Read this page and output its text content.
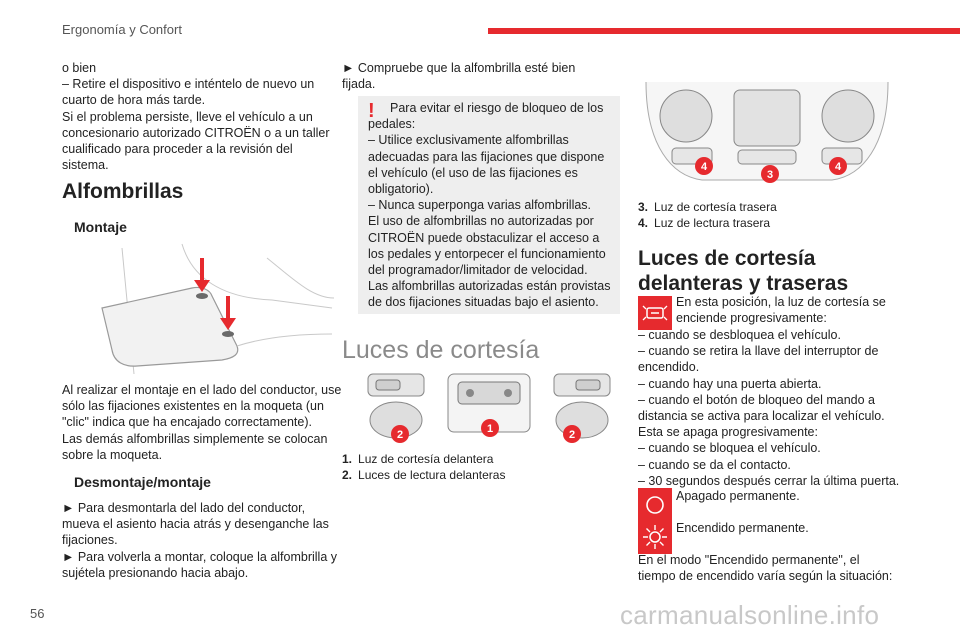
Ergonomía y Confort

o bien
– Retire el dispositivo e inténtelo de nuevo un cuarto de hora más tarde.
Si el problema persiste, lleve el vehículo a un concesionario autorizado CITROËN o a un taller cualificado para proceder a la revisión del sistema.

Alfombrillas
Montaje

Al realizar el montaje en el lado del conductor, use sólo las fijaciones existentes en la moqueta (un "clic" indica que ha encajado correctamente).
Las demás alfombrillas simplemente se colocan sobre la moqueta.

Desmontaje/montaje

► Para desmontarla del lado del conductor, mueva el asiento hacia atrás y desenganche las fijaciones.
► Para volverla a montar, coloque la alfombrilla y sujétela presionando hacia abajo.

► Compruebe que la alfombrilla esté bien fijada.

!	Para evitar el riesgo de bloqueo de los pedales:
– Utilice exclusivamente alfombrillas adecuadas para las fijaciones que dispone el vehículo (el uso de las fijaciones es obligatorio).
– Nunca superponga varias alfombrillas.
El uso de alfombrillas no autorizadas por CITROËN puede obstaculizar el acceso a los pedales y entorpecer el funcionamiento del programador/limitador de velocidad.
Las alfombrillas autorizadas están provistas de dos fijaciones situadas bajo el asiento.

Luces de cortesía
2	1	2
1. Luz de cortesía delantera
2. Luces de lectura delanteras
4
3
4
3. Luz de cortesía trasera
4. Luz de lectura trasera
Luces de cortesía
delanteras y traseras

En esta posición, la luz de cortesía se enciende progresivamente:

– cuando se desbloquea el vehículo.
– cuando se retira la llave del interruptor de encendido.
– cuando hay una puerta abierta.
– cuando el botón de bloqueo del mando a distancia se activa para localizar el vehículo.
Esta se apaga progresivamente:
– cuando se bloquea el vehículo.
– cuando se da el contacto.
– 30 segundos después cerrar la última puerta.

Apagado permanente.

Encendido permanente.

En el modo "Encendido permanente", el tiempo de encendido varía según la situación:

56	carmanualsonline.info
